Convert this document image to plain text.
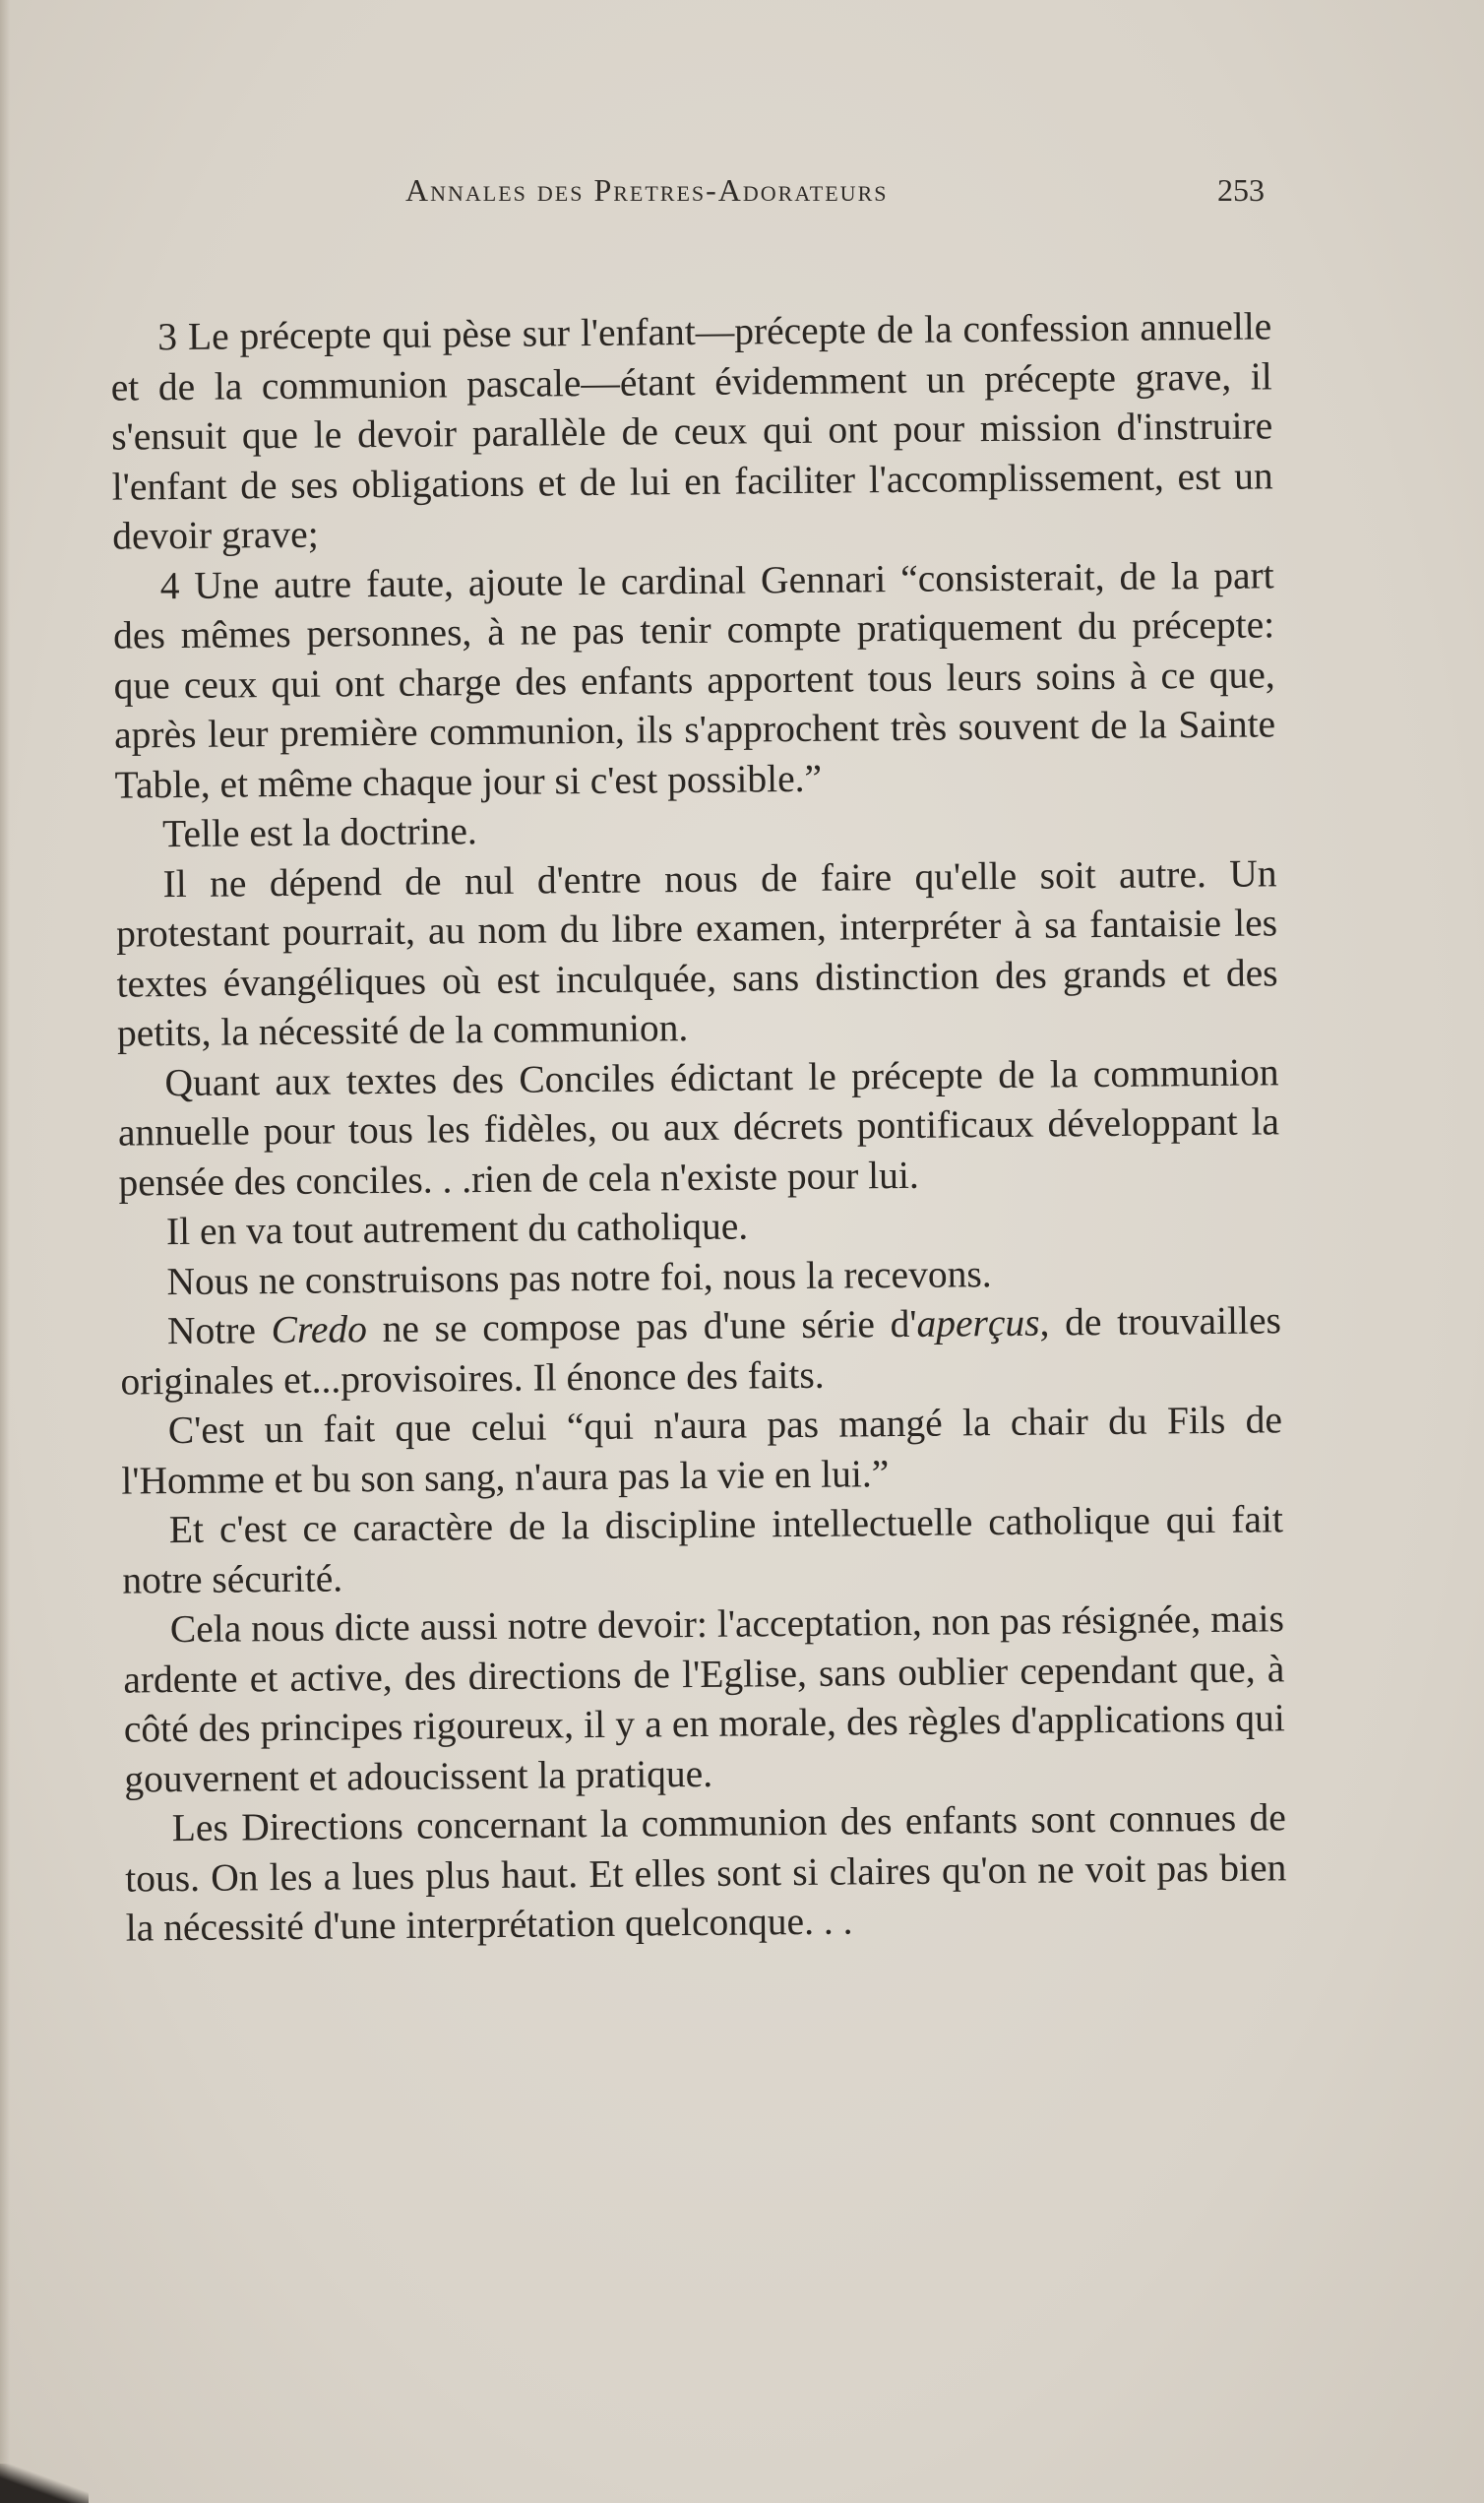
Annales des Pretres-Adorateurs	253

3 Le précepte qui pèse sur l'enfant—précepte de la confession annuelle et de la communion pascale—étant évidemment un précepte grave, il s'ensuit que le devoir parallèle de ceux qui ont pour mission d'instruire l'enfant de ses obligations et de lui en faciliter l'accomplissement, est un devoir grave;

4 Une autre faute, ajoute le cardinal Gennari “consisterait, de la part des mêmes personnes, à ne pas tenir compte pratiquement du précepte: que ceux qui ont charge des enfants apportent tous leurs soins à ce que, après leur première communion, ils s'approchent très souvent de la Sainte Table, et même chaque jour si c'est possible.”

Telle est la doctrine.

Il ne dépend de nul d'entre nous de faire qu'elle soit autre. Un protestant pourrait, au nom du libre examen, interpréter à sa fantaisie les textes évangéliques où est inculquée, sans distinction des grands et des petits, la nécessité de la communion.

Quant aux textes des Conciles édictant le précepte de la communion annuelle pour tous les fidèles, ou aux décrets pontificaux développant la pensée des conciles. . .rien de cela n'existe pour lui.

Il en va tout autrement du catholique.

Nous ne construisons pas notre foi, nous la recevons.

Notre Credo ne se compose pas d'une série d'aperçus, de trouvailles originales et...provisoires. Il énonce des faits.

C'est un fait que celui “qui n'aura pas mangé la chair du Fils de l'Homme et bu son sang, n'aura pas la vie en lui.”

Et c'est ce caractère de la discipline intellectuelle catholique qui fait notre sécurité.

Cela nous dicte aussi notre devoir: l'acceptation, non pas résignée, mais ardente et active, des directions de l'Eglise, sans oublier cependant que, à côté des principes rigoureux, il y a en morale, des règles d'applications qui gouvernent et adoucissent la pratique.

Les Directions concernant la communion des enfants sont connues de tous. On les a lues plus haut. Et elles sont si claires qu'on ne voit pas bien la nécessité d'une interprétation quelconque. . .
